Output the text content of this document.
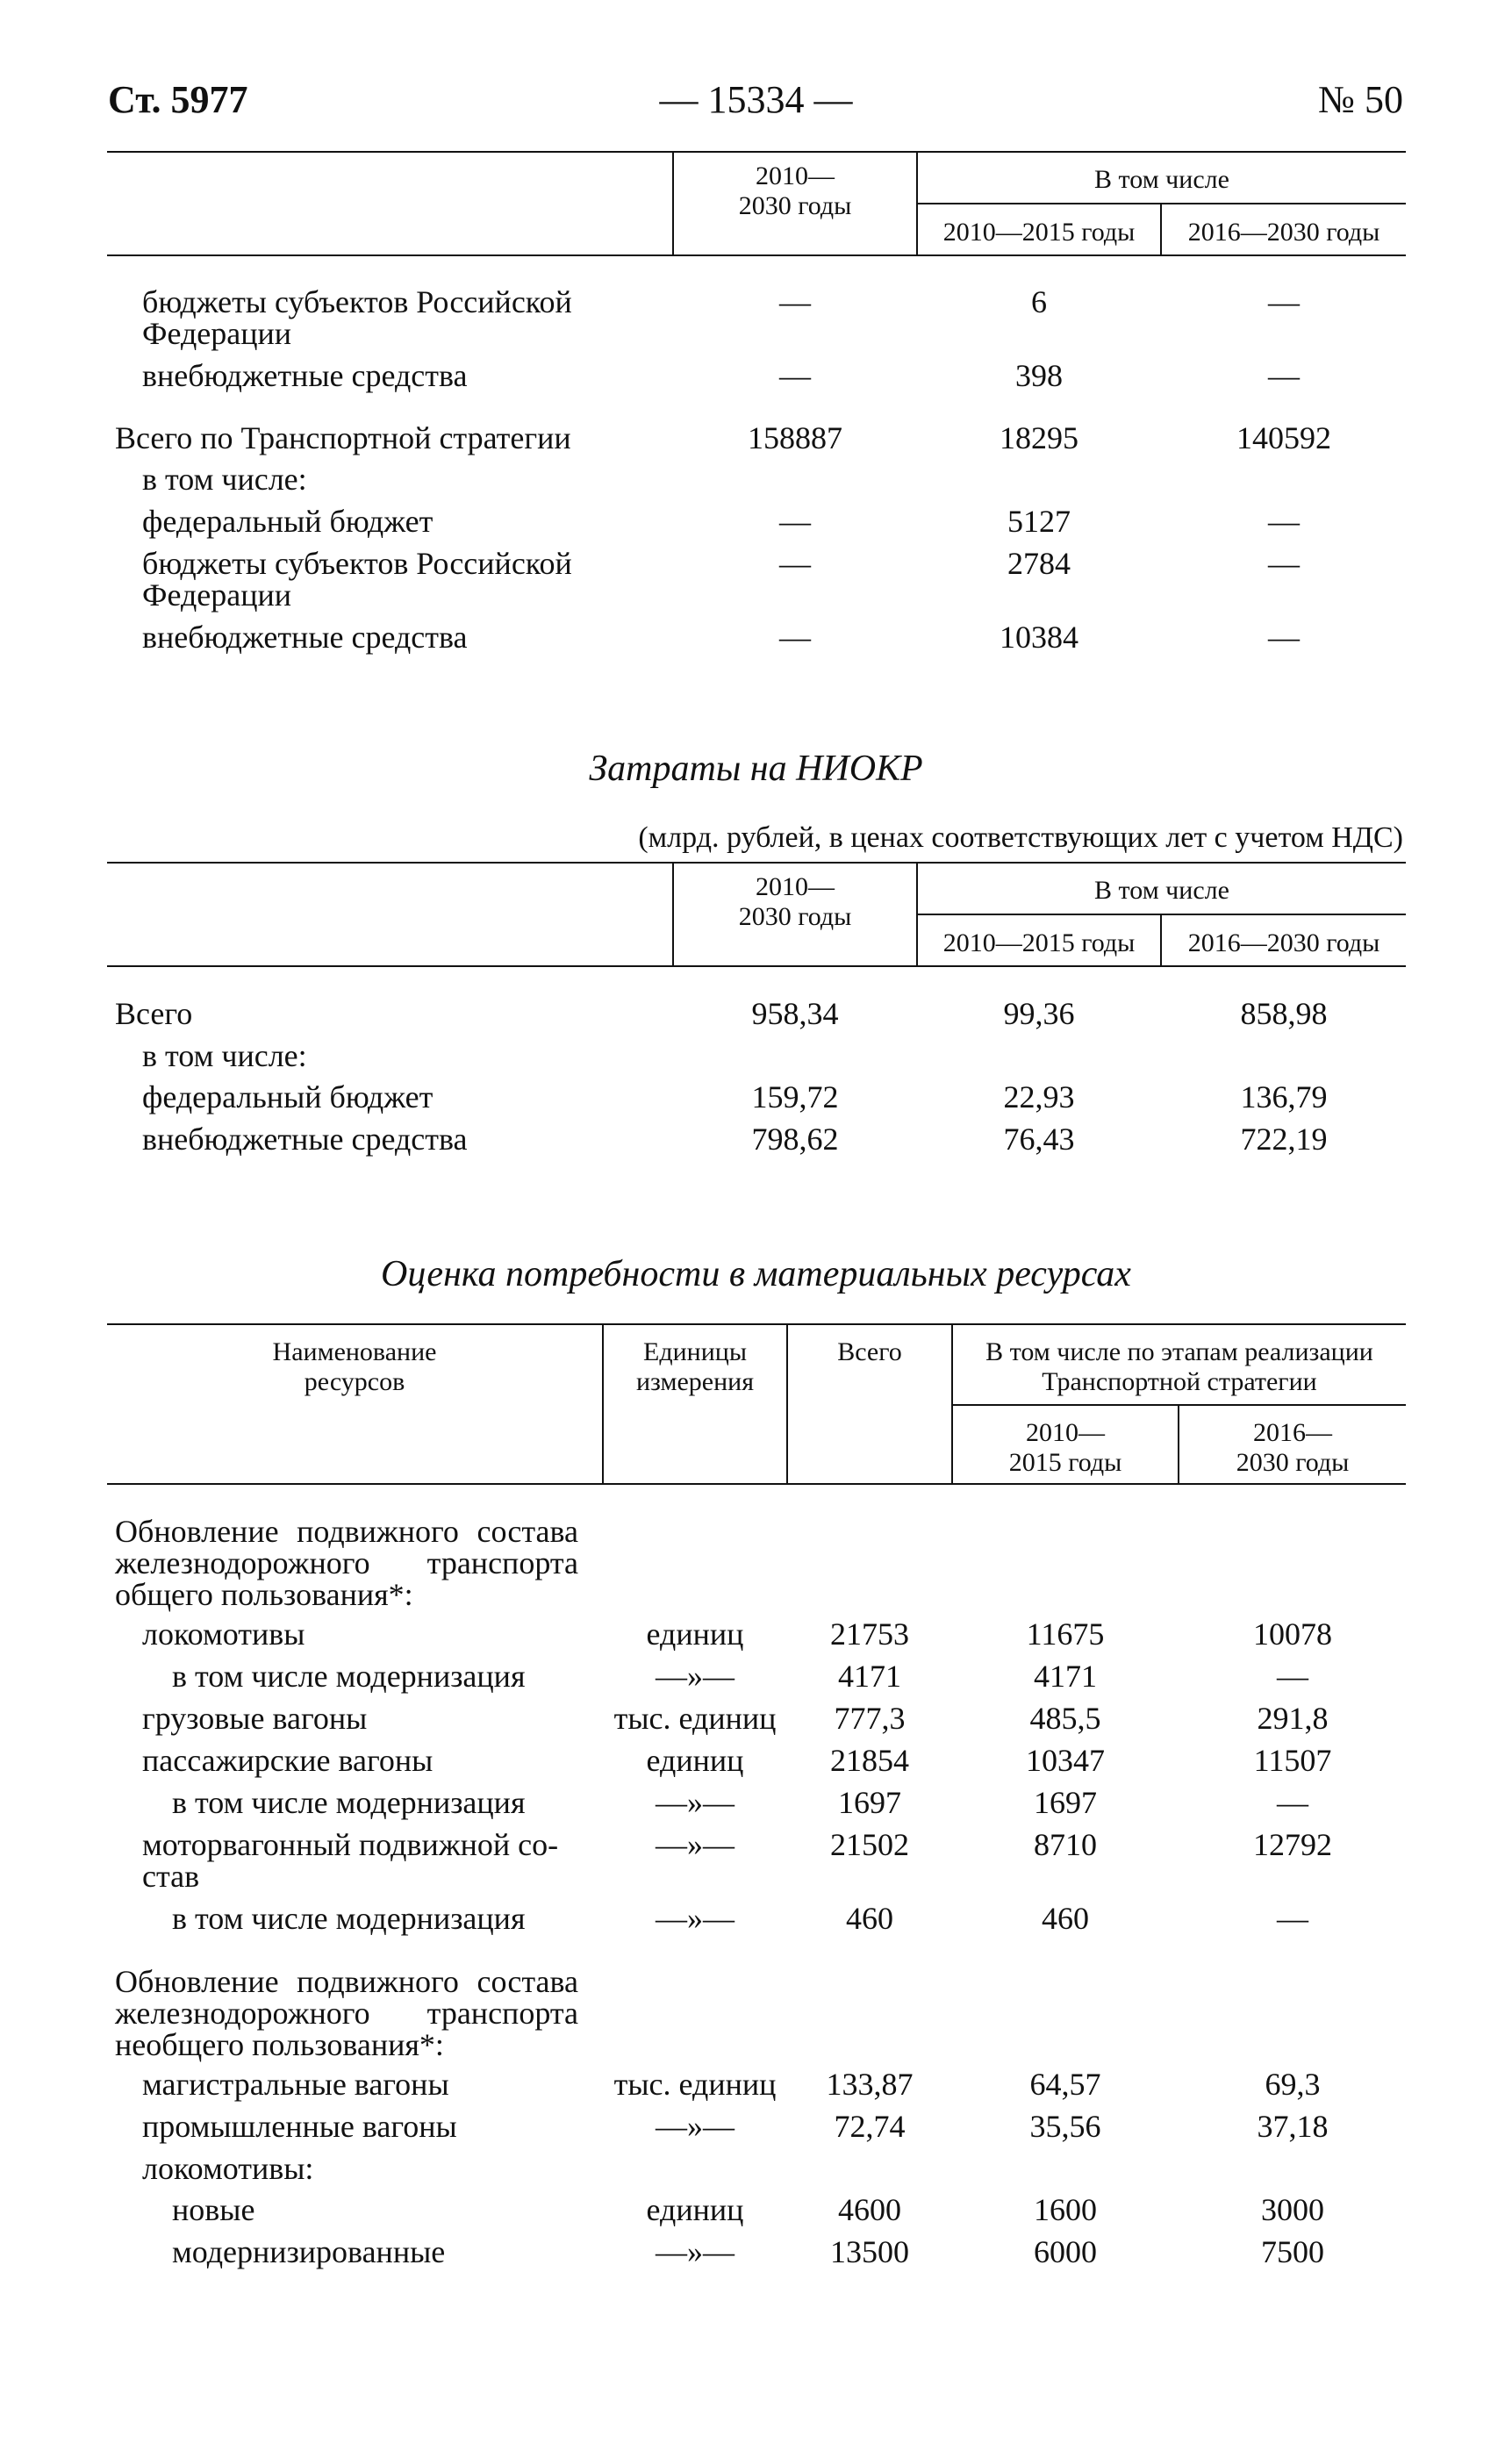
Ст. 5977	— 15334 —	№ 50
2010—
2030 годы
В том числе
2010—2015 годы	2016—2030 годы
бюджеты субъектов Российской
Федерации
—	6	—
внебюджетные средства	—	398	—
Всего по Транспортной стратегии	158887	18295	140592
в том числе:
федеральный бюджет	—	5127	—
бюджеты субъектов Российской
Федерации
—	2784	—
внебюджетные средства	—	10384	—
Затраты на НИОКР
(млрд. рублей, в ценах соответствующих лет с учетом НДС)
2010—
2030 годы
В том числе
2010—2015 годы	2016—2030 годы
Всего	958,34	99,36	858,98
в том числе:
федеральный бюджет	159,72	22,93	136,79
внебюджетные средства	798,62	76,43	722,19
Оценка потребности в материальных ресурсах
Наименование
ресурсов
Единицы
измерения
Всего	В том числе по этапам реализации
Транспортной стратегии
2010—
2015 годы
2016—
2030 годы
Обновление подвижного состава железнодорожного транспорта общего пользования*:
локомотивы	единиц	21753	11675	10078
в том числе модернизация	—»—	4171	4171	—
грузовые вагоны	тыс. единиц	777,3	485,5	291,8
пассажирские вагоны	единиц	21854	10347	11507
в том числе модернизация	—»—	1697	1697	—
моторвагонный подвижной со-
став
—»—	21502	8710	12792
в том числе модернизация	—»—	460	460	—
Обновление подвижного состава железнодорожного транспорта необщего пользования*:
магистральные вагоны	тыс. единиц	133,87	64,57	69,3
промышленные вагоны	—»—	72,74	35,56	37,18
локомотивы:
новые	единиц	4600	1600	3000
модернизированные	—»—	13500	6000	7500
